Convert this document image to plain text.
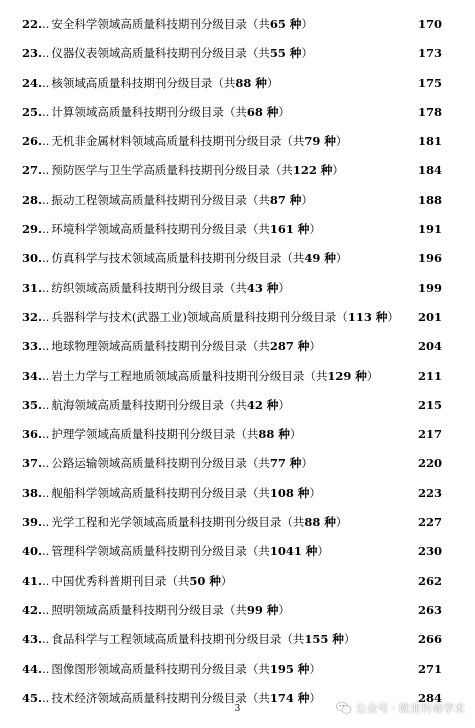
22. .. 安全科学领域高质量科技期刊分级目录（共 65 种 ）	170
23. .. 仪器仪表领域高质量科技期刊分级目录（共 55 种 ）	173
24. .. 核领域高质量科技期刊分级目录（共 88 种 ）	175
25. .. 计算领域高质量科技期刊分级目录（共 68 种 ）	178
26. .. 无机非金属材料领域高质量科技期刊分级目录（共 79 种 ）	181
27. .. 预防医学与卫生学高质量科技期刊分级目录（共 122 种 ）	184
28. .. 振动工程领域高质量科技期刊分级目录（共 87 种 ）	188
29. .. 环境科学领域高质量科技期刊分级目录（共 161 种 ）	191
30. .. 仿真科学与技术领域高质量科技期刊分级目录（共 49 种 ）	196
31. .. 纺织领域高质量科技期刊分级目录（共 43 种 ）	199
32. .. 兵器科学与技术(武器工业)领域高质量科技期刊分级目录（ 113 种 ） 201
33. .. 地球物理领域高质量科技期刊分级目录（共 287 种 ）	204
34. .. 岩土力学与工程地质领域高质量科技期刊分级目录（共 129 种 ）	211
35. .. 航海领域高质量科技期刊分级目录（共 42 种 ）	215
36. .. 护理学领域高质量科技期刊分级目录（共 88 种 ）	217
37. .. 公路运输领域高质量科技期刊分级目录（共 77 种 ）	220
38. .. 舰船科学领域高质量科技期刊分级目录（共 108 种 ）	223
39. .. 光学工程和光学领域高质量科技期刊分级目录（共 88 种 ）	227
40. .. 管理科学领域高质量科技期刊分级目录（共 1041 种 ）	230
41. .. 中国优秀科普期刊目录（共 50 种 ）	262
42. .. 照明领域高质量科技期刊分级目录（共 99 种 ）	263
43. .. 食品科学与工程领域高质量科技期刊分级目录（共 155 种 ）	266
44. .. 图像图形领域高质量科技期刊分级目录（共 195 种 ）	271
45. .. 技术经济领域高质量科技期刊分级目录（共 174 种 ）	284
3	公众号 · 欧亚科睿学术
